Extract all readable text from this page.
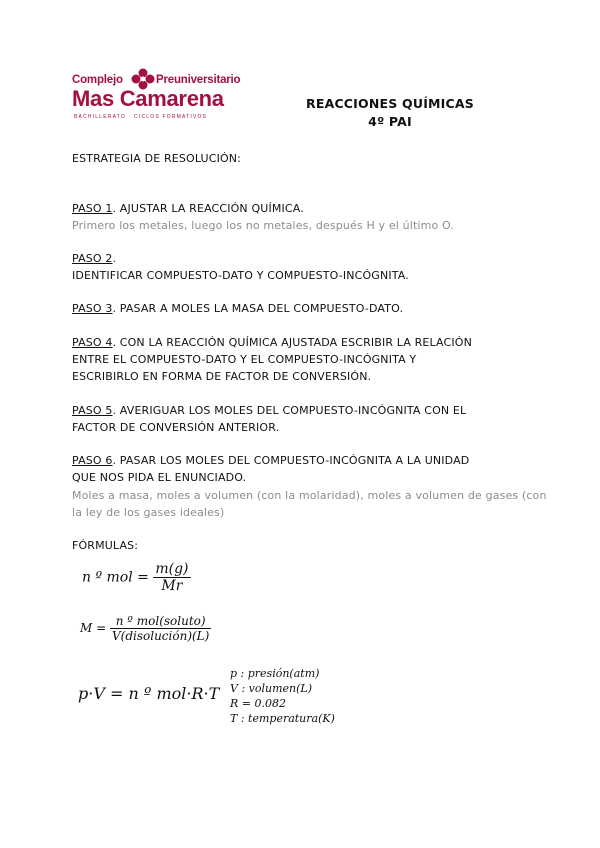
Complejo	Preuniversitario
Mas Camarena
BACHILLERATO · CICLOS FORMATIVOS
REACCIONES QUÍMICAS
4º PAI
ESTRATEGIA DE RESOLUCIÓN:
PASO 1. AJUSTAR LA REACCIÓN QUÍMICA.
Primero los metales, luego los no metales, después H y el último O.
PASO 2.
IDENTIFICAR COMPUESTO-DATO Y COMPUESTO-INCÓGNITA.
PASO 3. PASAR A MOLES LA MASA DEL COMPUESTO-DATO.
PASO 4. CON LA REACCIÓN QUÍMICA AJUSTADA ESCRIBIR LA RELACIÓN
ENTRE EL COMPUESTO-DATO Y EL COMPUESTO-INCÓGNITA Y
ESCRIBIRLO EN FORMA DE FACTOR DE CONVERSIÓN.
PASO 5. AVERIGUAR LOS MOLES DEL COMPUESTO-INCÓGNITA CON EL
FACTOR DE CONVERSIÓN ANTERIOR.
PASO 6. PASAR LOS MOLES DEL COMPUESTO-INCÓGNITA A LA UNIDAD
QUE NOS PIDA EL ENUNCIADO.
Moles a masa, moles a volumen (con la molaridad), moles a volumen de gases (con
la ley de los gases ideales)
FÓRMULAS:
n º mol = $\frac{m(g)}{Mr}$
$M = \frac{\text{n º mol(soluto)}}{\text{V(disolución)(L)}}$
p·V = n º mol·R·T
p : presión(atm)
V : volumen(L)
R = 0.082
T : temperatura(K)
